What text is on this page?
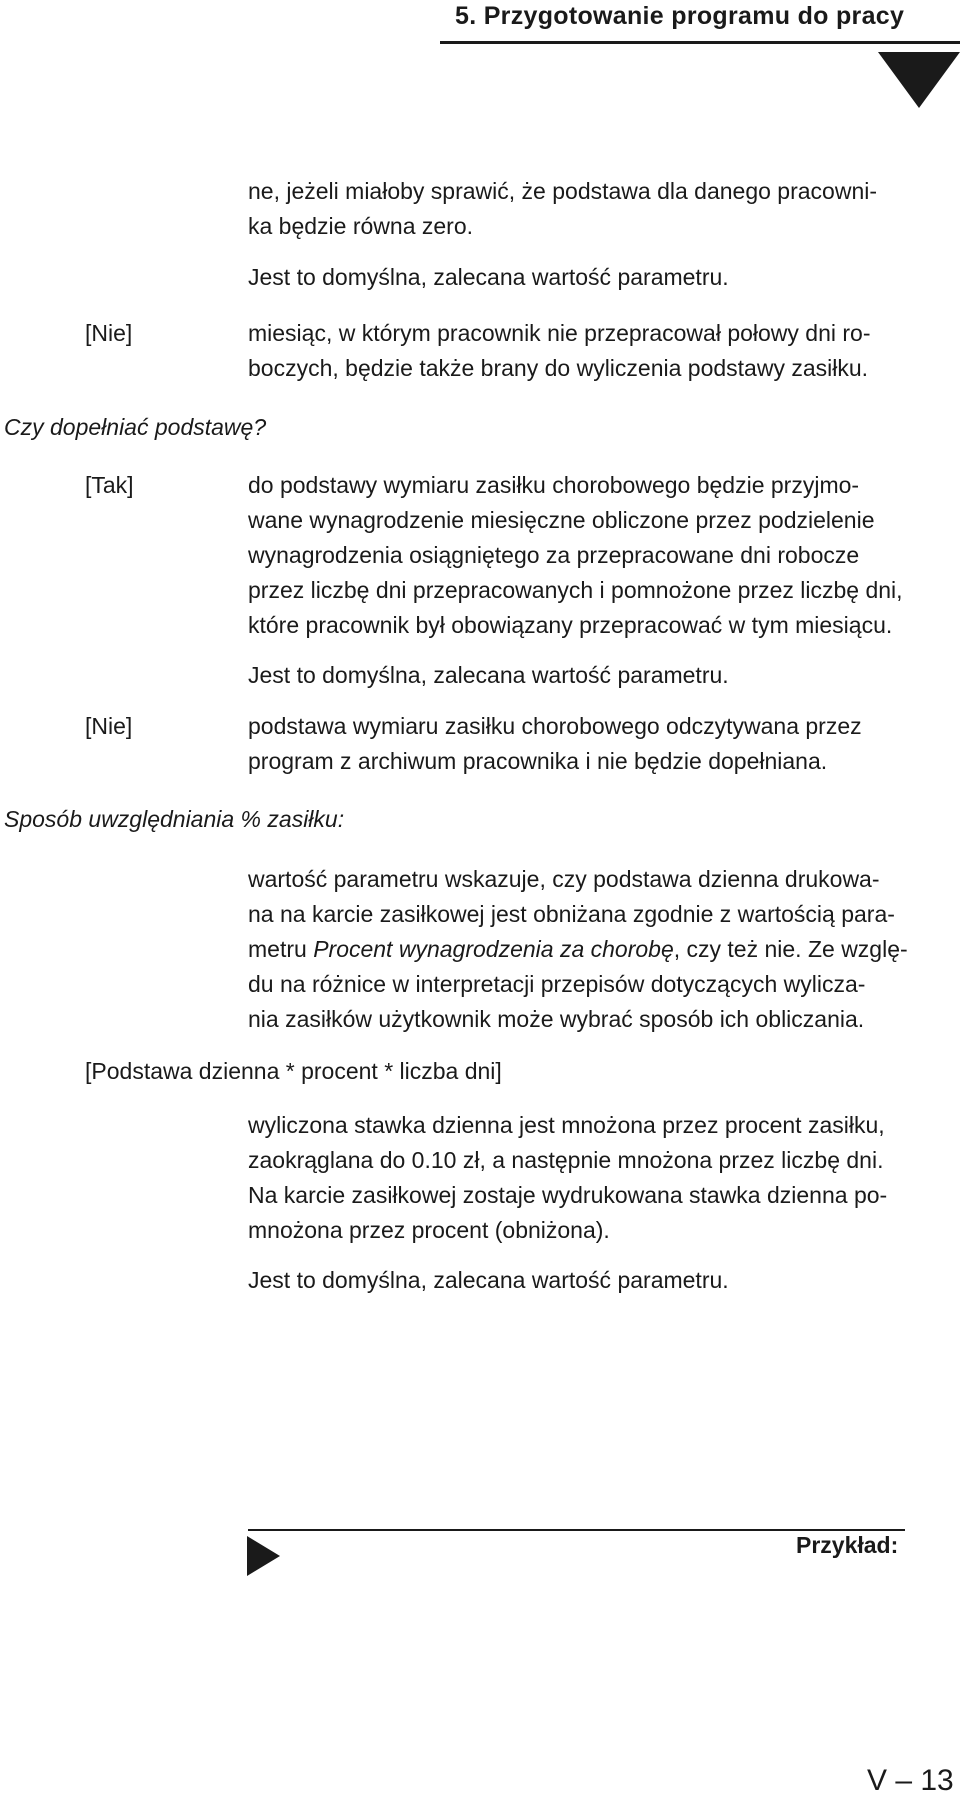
5. Przygotowanie programu do pracy
ne, jeżeli miałoby sprawić, że podstawa dla danego pracowni-
ka będzie równa zero.
Jest to domyślna, zalecana wartość parametru.
[Nie]	miesiąc, w którym pracownik nie przepracował połowy dni ro-
boczych, będzie także brany do wyliczenia podstawy zasiłku.
Czy dopełniać podstawę?
[Tak]	do podstawy wymiaru zasiłku chorobowego będzie przyjmo-
wane wynagrodzenie miesięczne obliczone przez podzielenie
wynagrodzenia osiągniętego za przepracowane dni robocze
przez liczbę dni przepracowanych i pomnożone przez liczbę dni,
które pracownik był obowiązany przepracować w tym miesiącu.
Jest to domyślna, zalecana wartość parametru.
[Nie]	podstawa wymiaru zasiłku chorobowego odczytywana przez
program z archiwum pracownika i nie będzie dopełniana.
Sposób uwzględniania % zasiłku:
wartość parametru wskazuje, czy podstawa dzienna drukowa-
na na karcie zasiłkowej jest obniżana zgodnie z wartością para-
metru Procent wynagrodzenia za chorobę, czy też nie. Ze wzglę-
du na różnice w interpretacji przepisów dotyczących wylicza-
nia zasiłków użytkownik może wybrać sposób ich obliczania.
[Podstawa dzienna * procent * liczba dni]
wyliczona stawka dzienna jest mnożona przez procent zasiłku,
zaokrąglana do 0.10 zł, a następnie mnożona przez liczbę dni.
Na karcie zasiłkowej zostaje wydrukowana stawka dzienna po-
mnożona przez procent (obniżona).
Jest to domyślna, zalecana wartość parametru.
Przykład:
V – 13
